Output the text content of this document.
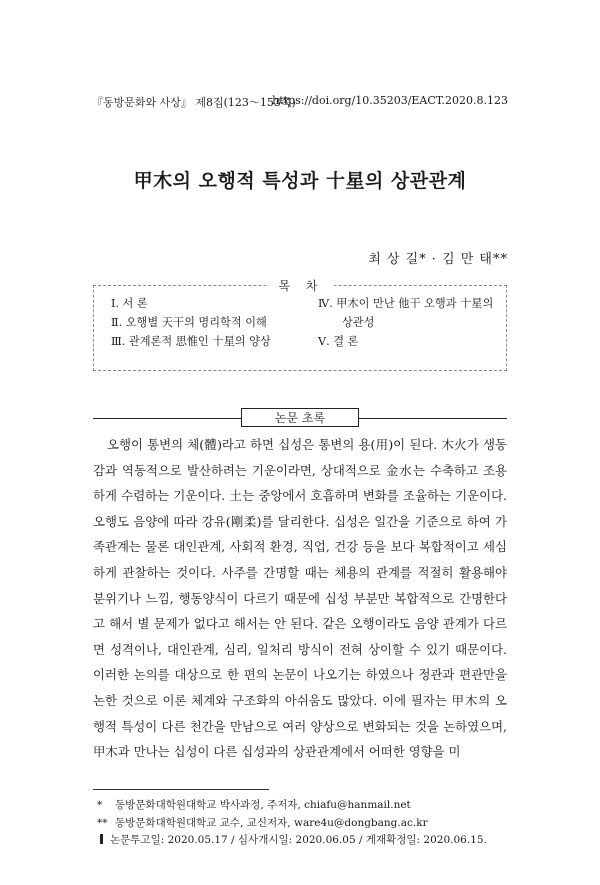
『동방문화와 사상』 제8집(123〜153쪽)
https://doi.org/10.35203/EACT.2020.8.123
甲木의 오행적 특성과 十星의 상관관계
최 상 길* · 김 만 태**
목 차
Ⅰ. 서 론
Ⅱ. 오행별 天干의 명리학적 이해
Ⅲ. 관계론적 思惟인 十星의 양상
Ⅳ. 甲木이 만난 他干 오행과 十星의
상관성
Ⅴ. 결 론
논문 초록

오행이 통변의 체(體)라고 하면 십성은 통변의 용(用)이 된다. 木火가 생동감과 역동적으로 발산하려는 기운이라면, 상대적으로 金水는 수축하고 조용하게 수렴하는 기운이다. 土는 중앙에서 호흡하며 변화를 조율하는 기운이다. 오행도 음양에 따라 강유(剛柔)를 달리한다. 십성은 일간을 기준으로 하여 가족관계는 물론 대인관계, 사회적 환경, 직업, 건강 등을 보다 복합적이고 세심하게 관찰하는 것이다. 사주를 간명할 때는 체용의 관계를 적절히 활용해야 분위기나 느낌, 행동양식이 다르기 때문에 십성 부분만 복합적으로 간명한다고 해서 별 문제가 없다고 해서는 안 된다. 같은 오행이라도 음양 관계가 다르면 성격이나, 대인관계, 심리, 일처리 방식이 전혀 상이할 수 있기 때문이다. 이러한 논의를 대상으로 한 편의 논문이 나오기는 하였으나 정관과 편관만을 논한 것으로 이론 체계와 구조화의 아쉬움도 많았다. 이에 필자는 甲木의 오행적 특성이 다른 천간을 만남으로 여러 양상으로 변화되는 것을 논하였으며, 甲木과 만나는 십성이 다른 십성과의 상관관계에서 어떠한 영향을 미

* 동방문화대학원대학교 박사과정, 주저자, chiafu@hanmail.net
** 동방문화대학원대학교 교수, 교신저자, ware4u@dongbang.ac.kr
논문투고일: 2020.05.17 / 심사개시일: 2020.06.05 / 게재확정일: 2020.06.15.
